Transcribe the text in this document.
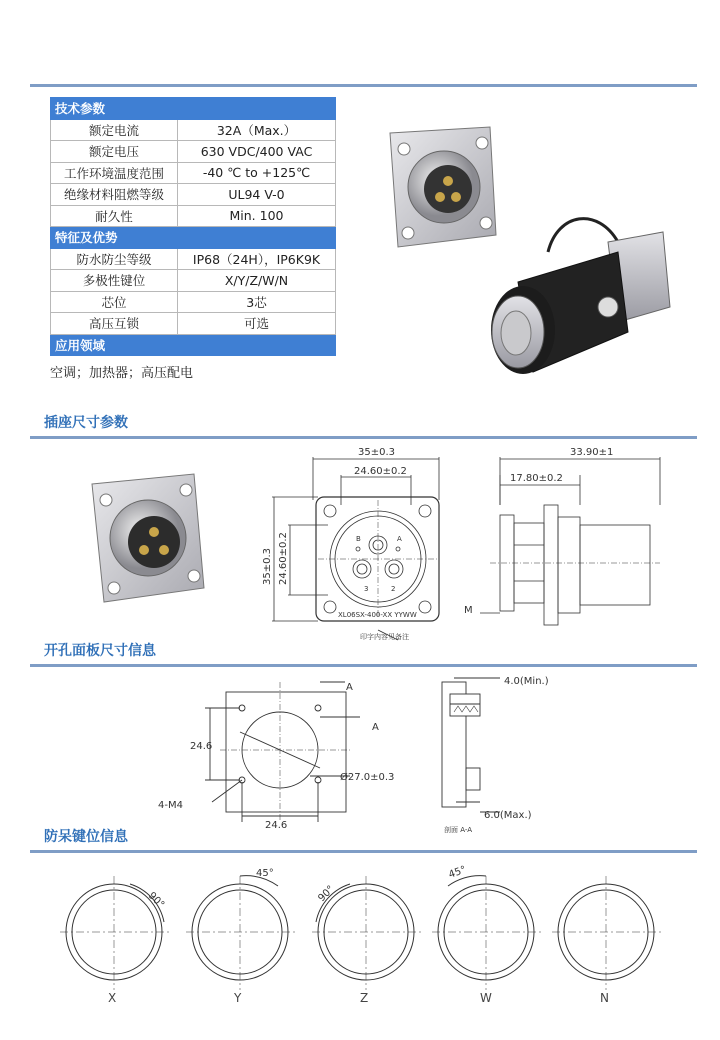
技术参数	
额定电流	32A（Max.）
额定电压	630 VDC/400 VAC
工作环境温度范围	-40 ℃ to +125℃
绝缘材料阻燃等级	UL94 V-0
耐久性	Min. 100
特征及优势	
防水防尘等级	IP68（24H），IP6K9K
多极性键位	X/Y/Z/W/N
芯位	3芯
高压互锁	可选
应用领域	
空调；加热器；高压配电
插座尺寸参数
35±0.3
24.60±0.2
35±0.3 24.60±0.2	B	A
3	2
XL06SX-400-XX YYWW
印字内容见备注
33.90±1
17.80±0.2
M
开孔面板尺寸信息
A
A
24.6
24.6
4-M4
Ø27.0±0.3
4.0(Min.)
6.0(Max.)
剖面 A-A
防呆键位信息
90°
X
45°
Y
90°
Z
45°
W	N
